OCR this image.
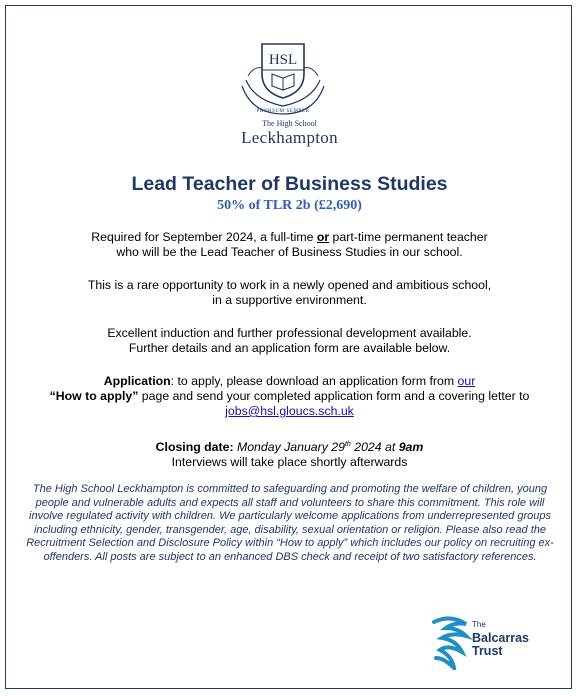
HSL
PRORSUM SEMPER
The High School
Leckhampton
Lead Teacher of Business Studies
50% of TLR 2b (£2,690)
Required for September 2024, a full-time or part-time permanent teacher
who will be the Lead Teacher of Business Studies in our school.
This is a rare opportunity to work in a newly opened and ambitious school,
in a supportive environment.
Excellent induction and further professional development available.
Further details and an application form are available below.
Application: to apply, please download an application form from our
“How to apply” page and send your completed application form and a covering letter to
jobs@hsl.gloucs.sch.uk
Closing date: Monday January 29th 2024 at 9am
Interviews will take place shortly afterwards
The High School Leckhampton is committed to safeguarding and promoting the welfare of children, young people and vulnerable adults and expects all staff and volunteers to share this commitment. This role will involve regulated activity with children. We particularly welcome applications from underrepresented groups including ethnicity, gender, transgender, age, disability, sexual orientation or religion. Please also read the Recruitment Selection and Disclosure Policy within “How to apply” which includes our policy on recruiting ex-offenders. All posts are subject to an enhanced DBS check and receipt of two satisfactory references.
The
Balcarras
Trust
